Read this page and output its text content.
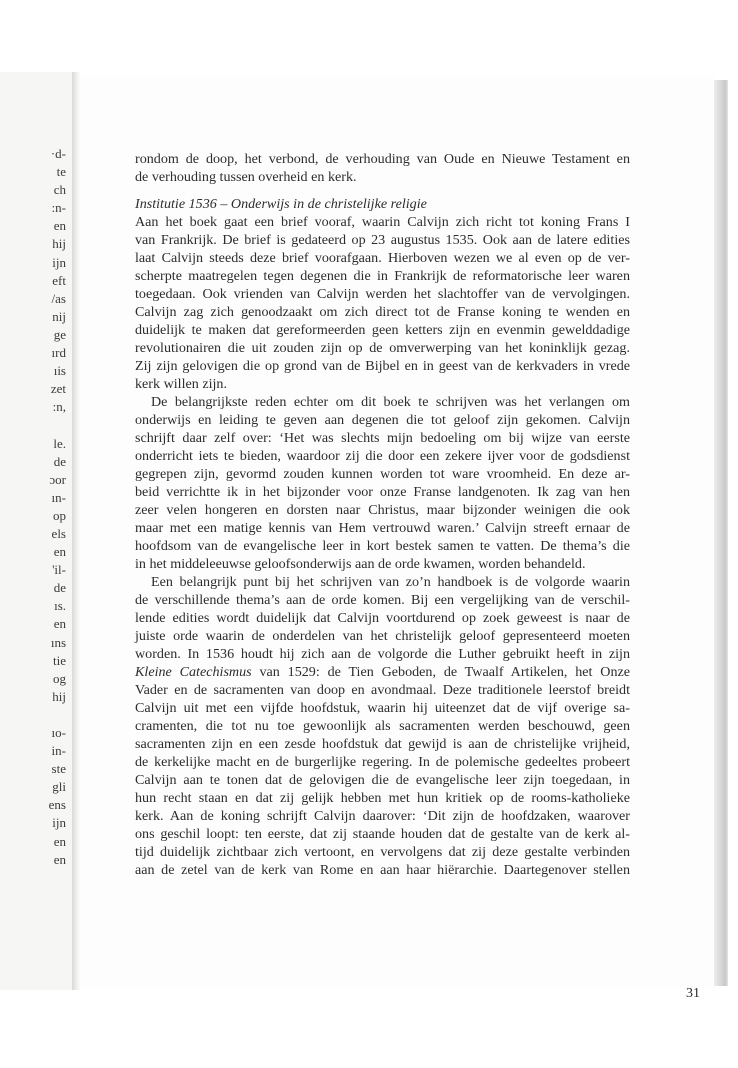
·d-
te
ch
:n-
en
hij
ijn
eft
/as
nij
ge
ırd
ıis
zet
:n,
le.
de
ɔor
ın-
op
els
en
'il-
de
ıs.
en
ıns
tie
og
hij
ıo-
in-
ste
gli
ens
ijn
en
en
31
rondom de doop, het verbond, de verhouding van Oude en Nieuwe Testament en
de verhouding tussen overheid en kerk.
Institutie 1536 – Onderwijs in de christelijke religie
Aan het boek gaat een brief vooraf, waarin Calvijn zich richt tot koning Frans I
van Frankrijk. De brief is gedateerd op 23 augustus 1535. Ook aan de latere edities
laat Calvijn steeds deze brief voorafgaan. Hierboven wezen we al even op de ver-
scherpte maatregelen tegen degenen die in Frankrijk de reformatorische leer waren
toegedaan. Ook vrienden van Calvijn werden het slachtoffer van de vervolgingen.
Calvijn zag zich genoodzaakt om zich direct tot de Franse koning te wenden en
duidelijk te maken dat gereformeerden geen ketters zijn en evenmin gewelddadige
revolutionairen die uit zouden zijn op de omverwerping van het koninklijk gezag.
Zij zijn gelovigen die op grond van de Bijbel en in geest van de kerkvaders in vrede
kerk willen zijn.
De belangrijkste reden echter om dit boek te schrijven was het verlangen om
onderwijs en leiding te geven aan degenen die tot geloof zijn gekomen. Calvijn
schrijft daar zelf over: ‘Het was slechts mijn bedoeling om bij wijze van eerste
onderricht iets te bieden, waardoor zij die door een zekere ijver voor de godsdienst
gegrepen zijn, gevormd zouden kunnen worden tot ware vroomheid. En deze ar-
beid verrichtte ik in het bijzonder voor onze Franse landgenoten. Ik zag van hen
zeer velen hongeren en dorsten naar Christus, maar bijzonder weinigen die ook
maar met een matige kennis van Hem vertrouwd waren.’ Calvijn streeft ernaar de
hoofdsom van de evangelische leer in kort bestek samen te vatten. De thema’s die
in het middeleeuwse geloofsonderwijs aan de orde kwamen, worden behandeld.
Een belangrijk punt bij het schrijven van zo’n handboek is de volgorde waarin
de verschillende thema’s aan de orde komen. Bij een vergelijking van de verschil-
lende edities wordt duidelijk dat Calvijn voortdurend op zoek geweest is naar de
juiste orde waarin de onderdelen van het christelijk geloof gepresenteerd moeten
worden. In 1536 houdt hij zich aan de volgorde die Luther gebruikt heeft in zijn
Kleine Catechismus van 1529: de Tien Geboden, de Twaalf Artikelen, het Onze
Vader en de sacramenten van doop en avondmaal. Deze traditionele leerstof breidt
Calvijn uit met een vijfde hoofdstuk, waarin hij uiteenzet dat de vijf overige sa-
cramenten, die tot nu toe gewoonlijk als sacramenten werden beschouwd, geen
sacramenten zijn en een zesde hoofdstuk dat gewijd is aan de christelijke vrijheid,
de kerkelijke macht en de burgerlijke regering. In de polemische gedeeltes probeert
Calvijn aan te tonen dat de gelovigen die de evangelische leer zijn toegedaan, in
hun recht staan en dat zij gelijk hebben met hun kritiek op de rooms-katholieke
kerk. Aan de koning schrijft Calvijn daarover: ‘Dit zijn de hoofdzaken, waarover
ons geschil loopt: ten eerste, dat zij staande houden dat de gestalte van de kerk al-
tijd duidelijk zichtbaar zich vertoont, en vervolgens dat zij deze gestalte verbinden
aan de zetel van de kerk van Rome en aan haar hiërarchie. Daartegenover stellen
